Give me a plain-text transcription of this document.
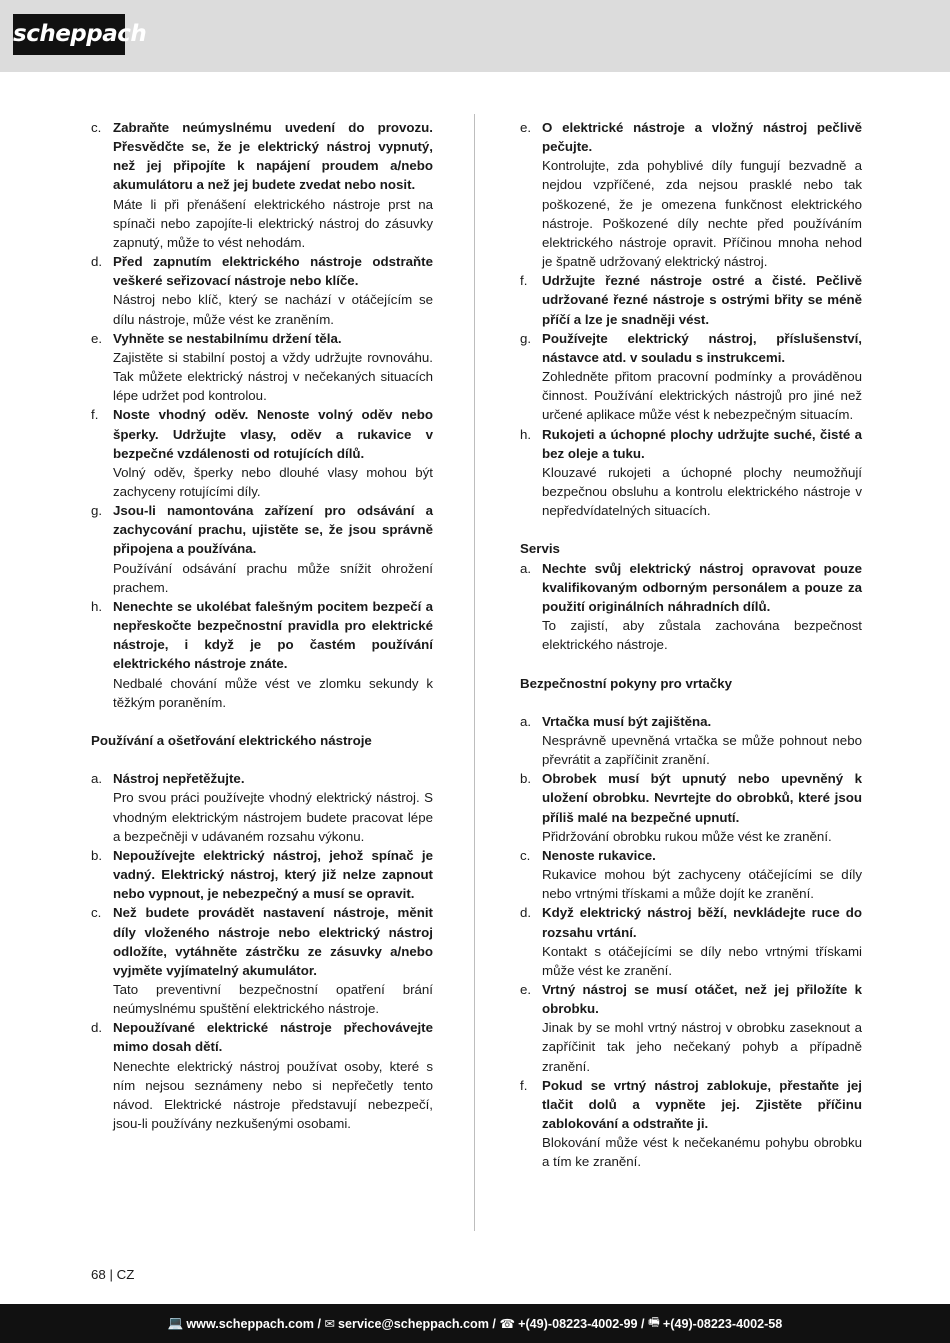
scheppach
c. Zabraňte neúmyslnému uvedení do provozu. Přesvědčte se, že je elektrický nástroj vypnutý, než jej připojíte k napájení proudem a/nebo akumulátoru a než jej budete zvedat nebo nosit.
Máte li při přenášení elektrického nástroje prst na spínači nebo zapojíte-li elektrický nástroj do zásuvky zapnutý, může to vést nehodám.
d. Před zapnutím elektrického nástroje odstraňte veškeré seřizovací nástroje nebo klíče.
Nástroj nebo klíč, který se nachází v otáčejícím se dílu nástroje, může vést ke zraněním.
e. Vyhněte se nestabilnímu držení těla.
Zajistěte si stabilní postoj a vždy udržujte rovnováhu. Tak můžete elektrický nástroj v nečekaných situacích lépe udržet pod kontrolou.
f.	Noste vhodný oděv. Nenoste volný oděv nebo šperky. Udržujte vlasy, oděv a rukavice v bezpečné vzdálenosti od rotujících dílů.
Volný oděv, šperky nebo dlouhé vlasy mohou být zachyceny rotujícími díly.
g. Jsou-li namontována zařízení pro odsávání a zachycování prachu, ujistěte se, že jsou správně připojena a používána.
Používání odsávání prachu může snížit ohrožení prachem.
h. Nenechte se ukolébat falešným pocitem bezpečí a nepřeskočte bezpečnostní pravidla pro elektrické nástroje, i když je po častém používání elektrického nástroje znáte.
Nedbalé chování může vést ve zlomku sekundy k těžkým poraněním.
Používání a ošetřování elektrického nástroje
a. Nástroj nepřetěžujte.
Pro svou práci používejte vhodný elektrický nástroj. S vhodným elektrickým nástrojem budete pracovat lépe a bezpečněji v udávaném rozsahu výkonu.
b. Nepoužívejte elektrický nástroj, jehož spínač je vadný. Elektrický nástroj, který již nelze zapnout nebo vypnout, je nebezpečný a musí se opravit.
c. Než budete provádět nastavení nástroje, měnit díly vloženého nástroje nebo elektrický nástroj odložíte, vytáhněte zástrčku ze zásuvky a/nebo vyjměte vyjímatelný akumulátor.
Tato preventivní bezpečnostní opatření brání neúmyslnému spuštění elektrického nástroje.
d. Nepoužívané elektrické nástroje přechovávejte mimo dosah dětí.
Nenechte elektrický nástroj používat osoby, které s ním nejsou seznámeny nebo si nepřečetly tento návod. Elektrické nástroje představují nebezpečí, jsou-li používány nezkušenými osobami.
e. O elektrické nástroje a vložný nástroj pečlivě pečujte.
Kontrolujte, zda pohyblivé díly fungují bezvadně a nejdou vzpříčené, zda nejsou prasklé nebo tak poškozené, že je omezena funkčnost elektrického nástroje. Poškozené díly nechte před používáním elektrického nástroje opravit. Příčinou mnoha nehod je špatně udržovaný elektrický nástroj.
f.	Udržujte řezné nástroje ostré a čisté. Pečlivě udržované řezné nástroje s ostrými břity se méně příčí a lze je snadněji vést.
g. Používejte elektrický nástroj, příslušenství, nástavce atd. v souladu s instrukcemi.
Zohledněte přitom pracovní podmínky a prováděnou činnost. Používání elektrických nástrojů pro jiné než určené aplikace může vést k nebezpečným situacím.
h. Rukojeti a úchopné plochy udržujte suché, čisté a bez oleje a tuku.
Klouzavé rukojeti a úchopné plochy neumožňují bezpečnou obsluhu a kontrolu elektrického nástroje v nepředvídatelných situacích.
Servis
a. Nechte svůj elektrický nástroj opravovat pouze kvalifikovaným odborným personálem a pouze za použití originálních náhradních dílů.
To zajistí, aby zůstala zachována bezpečnost elektrického nástroje.
Bezpečnostní pokyny pro vrtačky
a. Vrtačka musí být zajištěna.
Nesprávně upevněná vrtačka se může pohnout nebo převrátit a zapříčinit zranění.
b. Obrobek musí být upnutý nebo upevněný k uložení obrobku. Nevrtejte do obrobků, které jsou příliš malé na bezpečné upnutí.
Přidržování obrobku rukou může vést ke zranění.
c. Nenoste rukavice.
Rukavice mohou být zachyceny otáčejícími se díly nebo vrtnými třískami a může dojít ke zranění.
d. Když elektrický nástroj běží, nevkládejte ruce do rozsahu vrtání.
Kontakt s otáčejícími se díly nebo vrtnými třískami může vést ke zranění.
e. Vrtný nástroj se musí otáčet, než jej přiložíte k obrobku.
Jinak by se mohl vrtný nástroj v obrobku zaseknout a zapříčinit tak jeho nečekaný pohyb a případně zranění.
f.	Pokud se vrtný nástroj zablokuje, přestaňte jej tlačit dolů a vypněte jej. Zjistěte příčinu zablokování a odstraňte ji.
Blokování může vést k nečekanému pohybu obrobku a tím ke zranění.
68 | CZ
💻 www.scheppach.com / ✉ service@scheppach.com / ☎ +(49)-08223-4002-99 / 🖷 +(49)-08223-4002-58
